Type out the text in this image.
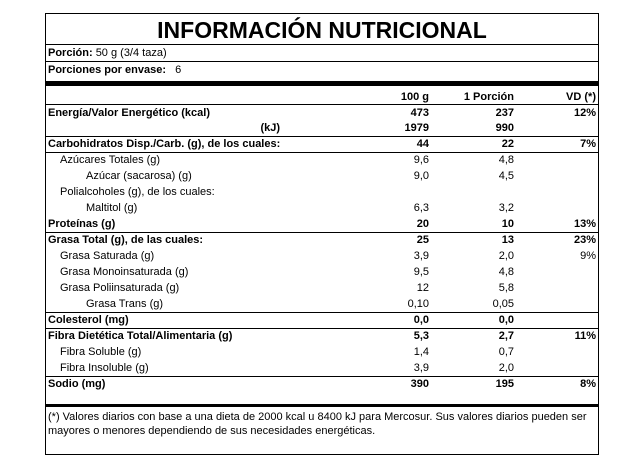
INFORMACIÓN NUTRICIONAL
Porción: 50 g (3/4 taza)
Porciones por envase: 6
100 g	1 Porción	VD (*)
Energía/Valor Energético (kcal)	473	237	12%
(kJ)	1979	990
Carbohidratos Disp./Carb. (g), de los cuales:	44	22	7%
Azúcares Totales (g)	9,6	4,8
Azúcar (sacarosa) (g)	9,0	4,5
Polialcoholes (g), de los cuales:
Maltitol (g)	6,3	3,2
Proteínas (g)	20	10	13%
Grasa Total (g), de las cuales:	25	13	23%
Grasa Saturada (g)	3,9	2,0	9%
Grasa Monoinsaturada (g)	9,5	4,8
Grasa Poliinsaturada (g)	12	5,8
Grasa Trans (g)	0,10	0,05
Colesterol (mg)	0,0	0,0
Fibra Dietética Total/Alimentaria (g)	5,3	2,7	11%
Fibra Soluble (g)	1,4	0,7
Fibra Insoluble (g)	3,9	2,0
Sodio (mg)	390	195	8%
(*) Valores diarios con base a una dieta de 2000 kcal u 8400 kJ para Mercosur. Sus valores diarios pueden ser mayores o menores dependiendo de sus necesidades energéticas.
